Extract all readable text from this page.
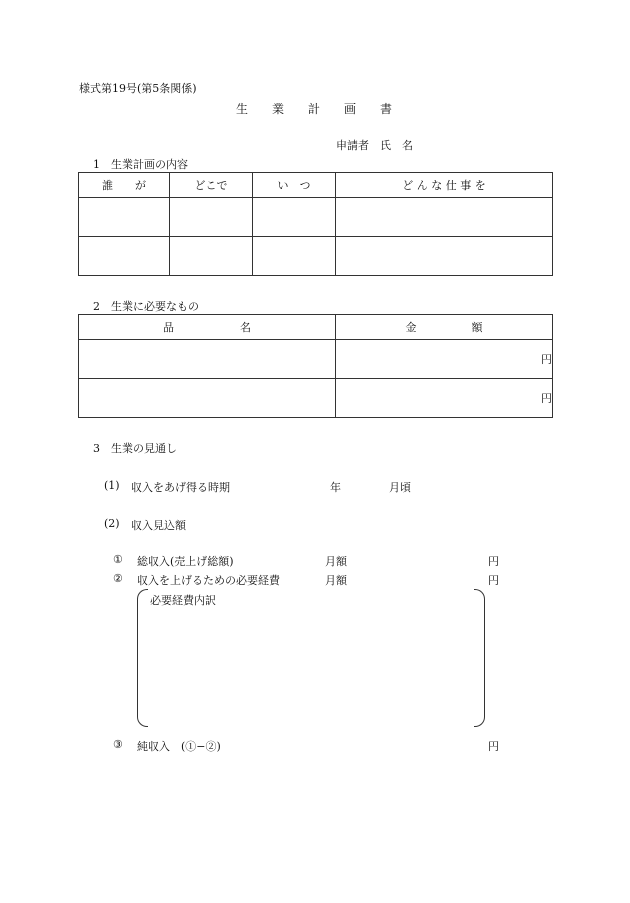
様式第19号(第5条関係)
生　　業　　計　　画　　書
申請者　氏　名
1　生業計画の内容
誰　　が	どこで	い　つ	ど ん な 仕 事 を

2　生業に必要なもの
品　　　　　　名	金　　　　　額
	円
	円
3　生業の見通し
(1) 収入をあげ得る時期	年	月頃
(2) 収入見込額
① 総収入(売上げ総額)	月額	円
② 収入を上げるための必要経費	月額	円
必要経費内訳
③ 純収入　(①−②)	円
